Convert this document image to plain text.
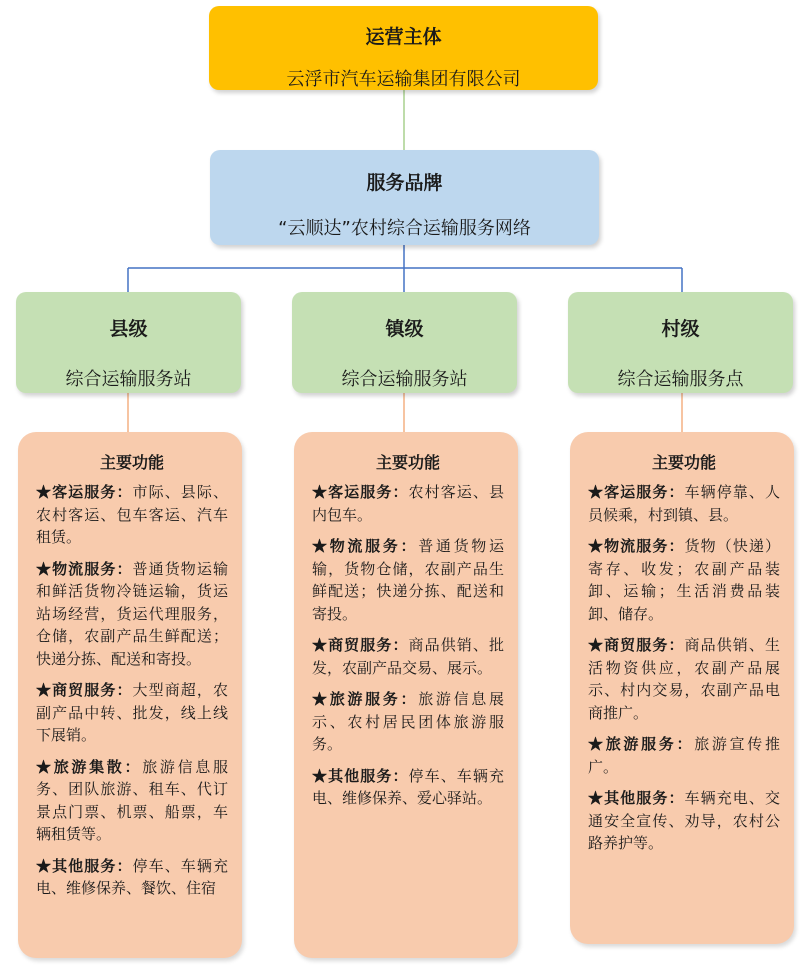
运营主体
云浮市汽车运输集团有限公司
服务品牌
“云顺达”农村综合运输服务网络
县级
综合运输服务站
镇级
综合运输服务站
村级
综合运输服务点
主要功能

★客运服务：市际、县际、农村客运、包车客运、汽车租赁。

★物流服务：普通货物运输和鲜活货物冷链运输，货运站场经营，货运代理服务，仓储，农副产品生鲜配送；快递分拣、配送和寄投。

★商贸服务：大型商超，农副产品中转、批发，线上线下展销。

★旅游集散：旅游信息服务、团队旅游、租车、代订景点门票、机票、船票，车辆租赁等。

★其他服务：停车、车辆充电、维修保养、餐饮、住宿

主要功能

★客运服务：农村客运、县内包车。

★物流服务：普通货物运输，货物仓储，农副产品生鲜配送；快递分拣、配送和寄投。

★商贸服务：商品供销、批发，农副产品交易、展示。

★旅游服务：旅游信息展示、农村居民团体旅游服务。

★其他服务：停车、车辆充电、维修保养、爱心驿站。

主要功能

★客运服务：车辆停靠、人员候乘，村到镇、县。

★物流服务：货物（快递）寄存、收发；农副产品装卸、运输；生活消费品装卸、储存。

★商贸服务：商品供销、生活物资供应，农副产品展示、村内交易，农副产品电商推广。

★旅游服务：旅游宣传推广。

★其他服务：车辆充电、交通安全宣传、劝导，农村公路养护等。
